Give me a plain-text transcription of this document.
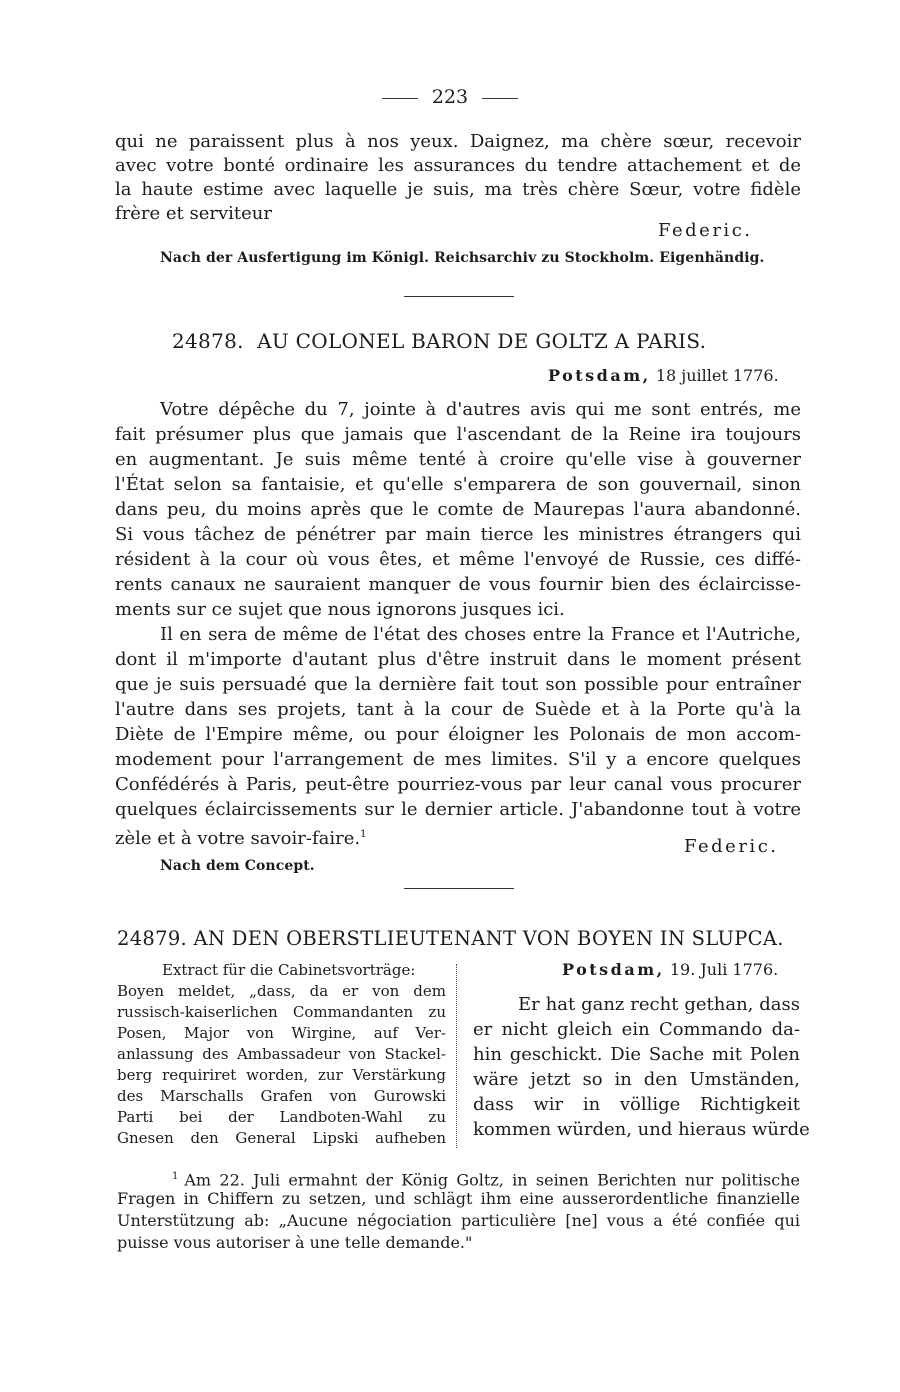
223
qui ne paraissent plus à nos yeux. Daignez, ma chère sœur, recevoir
avec votre bonté ordinaire les assurances du tendre attachement et de
la haute estime avec laquelle je suis, ma très chère Sœur, votre fidèle
frère et serviteur
Federic.
Nach der Ausfertigung im Königl. Reichsarchiv zu Stockholm. Eigenhändig.
24878. AU COLONEL BARON DE GOLTZ A PARIS.
Potsdam, 18 juillet 1776.
Votre dépêche du 7, jointe à d'autres avis qui me sont entrés, me
fait présumer plus que jamais que l'ascendant de la Reine ira toujours
en augmentant. Je suis même tenté à croire qu'elle vise à gouverner
l'État selon sa fantaisie, et qu'elle s'emparera de son gouvernail, sinon
dans peu, du moins après que le comte de Maurepas l'aura abandonné.
Si vous tâchez de pénétrer par main tierce les ministres étrangers qui
résident à la cour où vous êtes, et même l'envoyé de Russie, ces diffé-
rents canaux ne sauraient manquer de vous fournir bien des éclaircisse-
ments sur ce sujet que nous ignorons jusques ici.
Il en sera de même de l'état des choses entre la France et l'Autriche,
dont il m'importe d'autant plus d'être instruit dans le moment présent
que je suis persuadé que la dernière fait tout son possible pour entraîner
l'autre dans ses projets, tant à la cour de Suède et à la Porte qu'à la
Diète de l'Empire même, ou pour éloigner les Polonais de mon accom-
modement pour l'arrangement de mes limites. S'il y a encore quelques
Confédérés à Paris, peut-être pourriez-vous par leur canal vous procurer
quelques éclaircissements sur le dernier article. J'abandonne tout à votre
zèle et à votre savoir-faire.$^1$
Federic.
Nach dem Concept.
24879. AN DEN OBERSTLIEUTENANT VON BOYEN IN SLUPCA.
Extract für die Cabinetsvorträge:
Boyen meldet, „dass, da er von dem
russisch-kaiserlichen Commandanten zu
Posen, Major von Wirgine, auf Ver-
anlassung des Ambassadeur von Stackel-
berg requiriret worden, zur Verstärkung
des Marschalls Grafen von Gurowski
Parti bei der Landboten-Wahl zu
Gnesen den General Lipski aufheben
Potsdam, 19. Juli 1776.
Er hat ganz recht gethan, dass
er nicht gleich ein Commando da-
hin geschickt. Die Sache mit Polen
wäre jetzt so in den Umständen,
dass wir in völlige Richtigkeit
kommen würden, und hieraus würde
$^1$ Am 22. Juli ermahnt der König Goltz, in seinen Berichten nur politische
Fragen in Chiffern zu setzen, und schlägt ihm eine ausserordentliche finanzielle
Unterstützung ab: „Aucune négociation particulière [ne] vous a été confiée qui
puisse vous autoriser à une telle demande."
